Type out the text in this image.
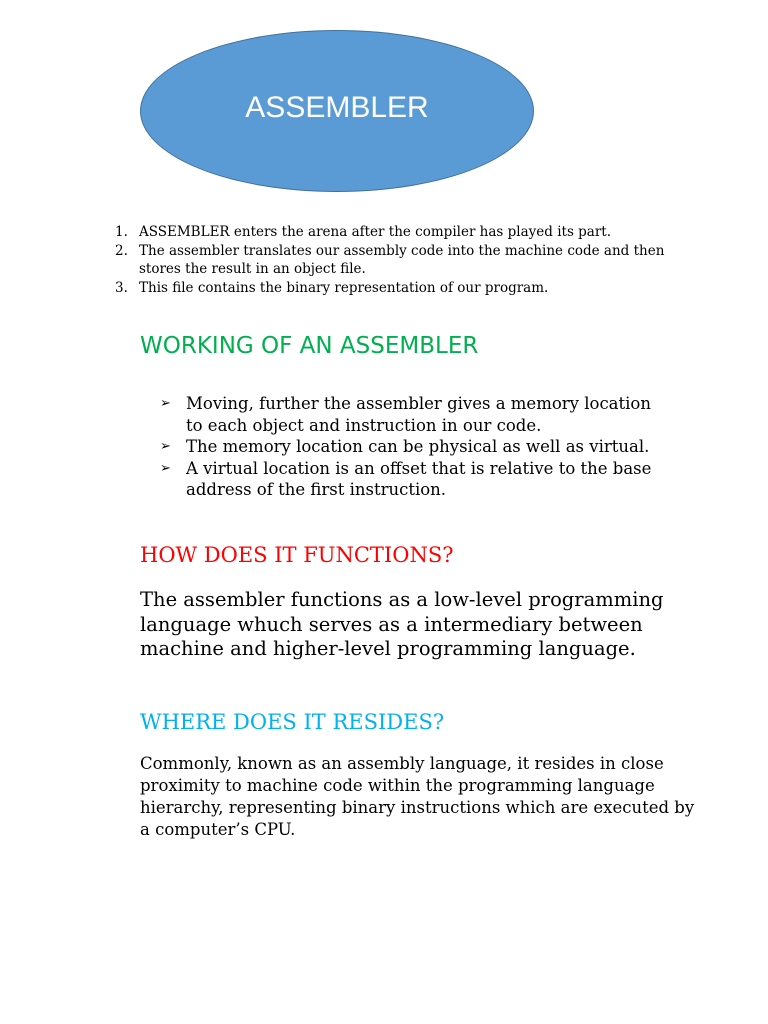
ASSEMBLER
1. ASSEMBLER enters the arena after the compiler has played its part.
2. The assembler translates our assembly code into the machine code and then stores the result in an object file.
3. This file contains the binary representation of our program.
WORKING OF AN ASSEMBLER
➢ Moving, further the assembler gives a memory location to each object and instruction in our code.
➢ The memory location can be physical as well as virtual.
➢ A virtual location is an offset that is relative to the base address of the first instruction.
HOW DOES IT FUNCTIONS?

The assembler functions as a low-level programming language whuch serves as a intermediary between machine and higher-level programming language.

WHERE DOES IT RESIDES?

Commonly, known as an assembly language, it resides in close proximity to machine code within the programming language hierarchy, representing binary instructions which are executed by a computer’s CPU.
